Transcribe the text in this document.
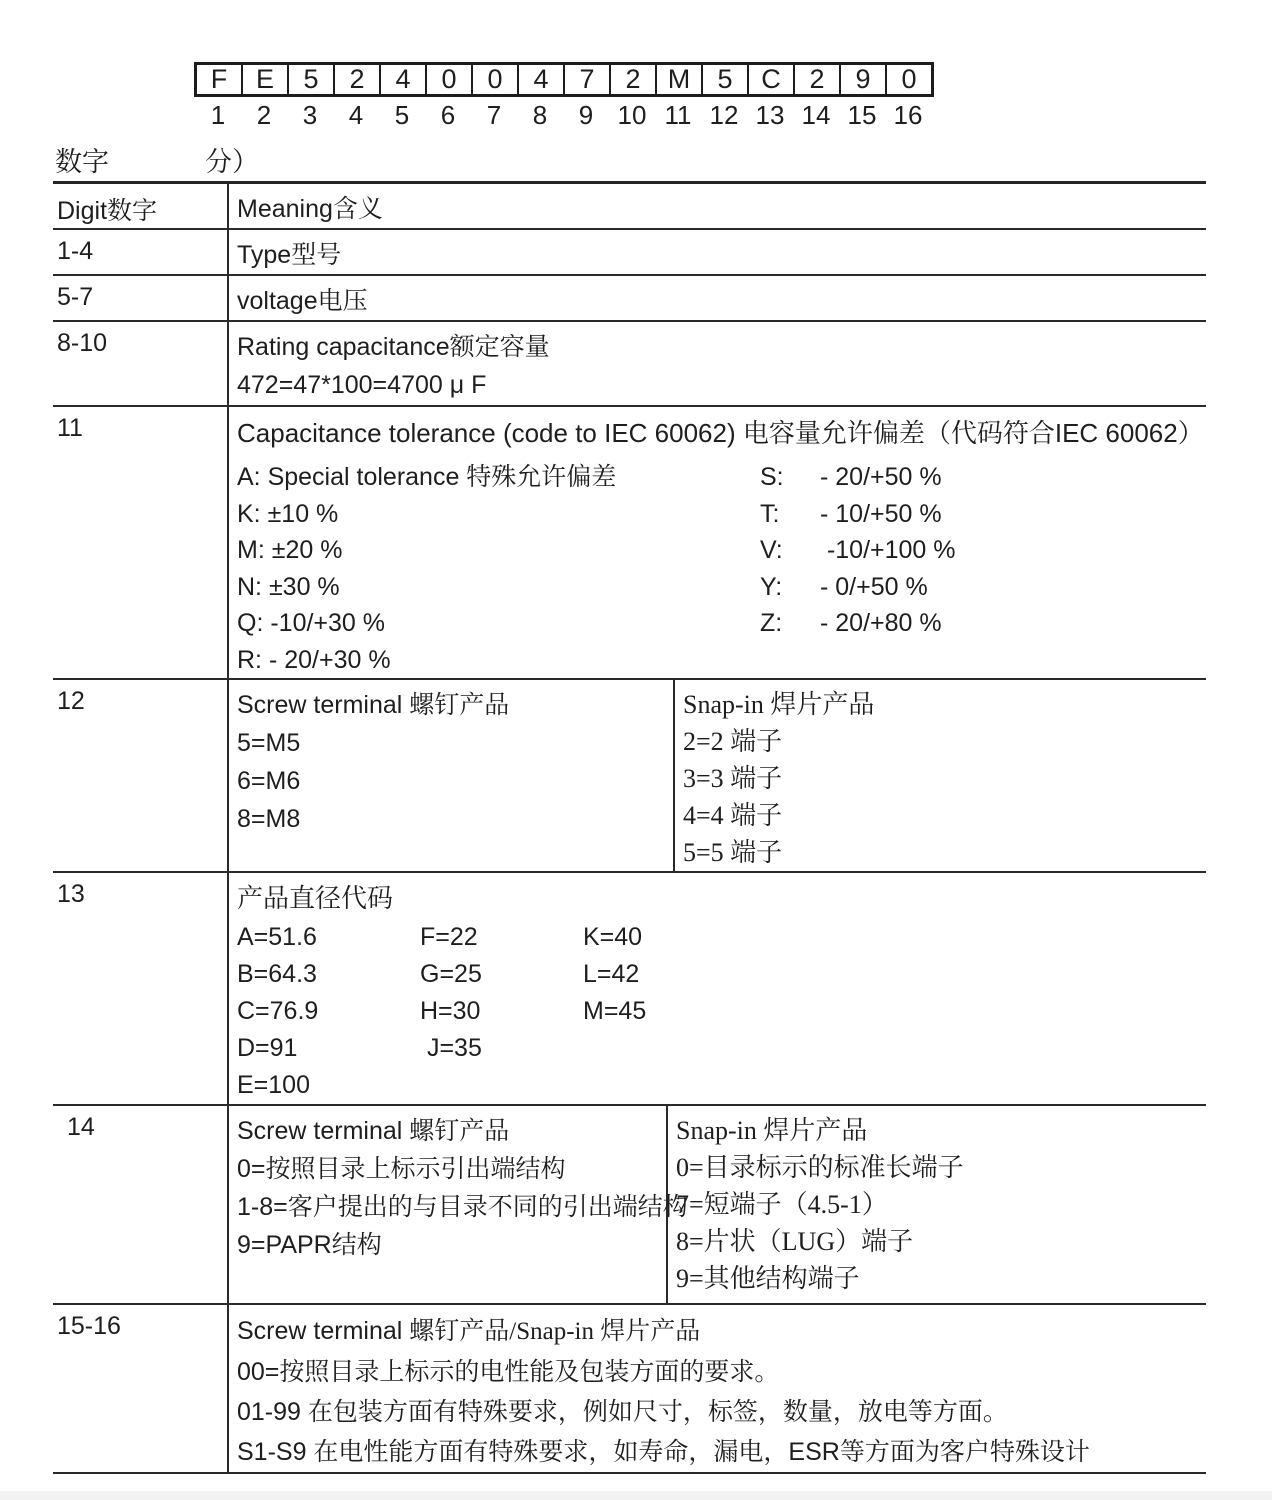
F	E	5	2	4	0	0	4	7	2	M	5	C	2	9	0
1	2	3	4	5	6	7	8	9 10 11 12 13 14 15 16
数字	分）
Digit数字	Meaning含义
1-4	Type型号
5-7	voltage电压
8-10	Rating capacitance额定容量
472=47*100=4700 μ F
11	Capacitance tolerance (code to IEC 60062) 电容量允许偏差（代码符合IEC 60062）
A: Special tolerance 特殊允许偏差
K: ±10 %
M: ±20 %
N: ±30 %
Q: -10/+30 %
R: - 20/+30 %
S:	- 20/+50 %
T:	- 10/+50 %
V:	-10/+100 %
Y:	- 0/+50 %
Z:	- 20/+80 %
12	Screw terminal 螺钉产品
5=M5
6=M6
8=M8
Snap-in 焊片产品
2=2 端子
3=3 端子
4=4 端子
5=5 端子
13	产品直径代码
A=51.6
B=64.3
C=76.9
D=91
E=100
F=22
G=25
H=30
J=35
K=40
L=42
M=45
14	Screw terminal 螺钉产品
0=按照目录上标示引出端结构
1-8=客户提出的与目录不同的引出端结构
9=PAPR结构
Snap-in 焊片产品
0=目录标示的标准长端子
7=短端子（4.5-1）
8=片状（LUG）端子
9=其他结构端子
15-16	Screw terminal 螺钉产品/Snap-in 焊片产品
00=按照目录上标示的电性能及包装方面的要求。
01-99 在包装方面有特殊要求，例如尺寸，标签，数量，放电等方面。
S1-S9 在电性能方面有特殊要求，如寿命，漏电，ESR等方面为客户特殊设计
